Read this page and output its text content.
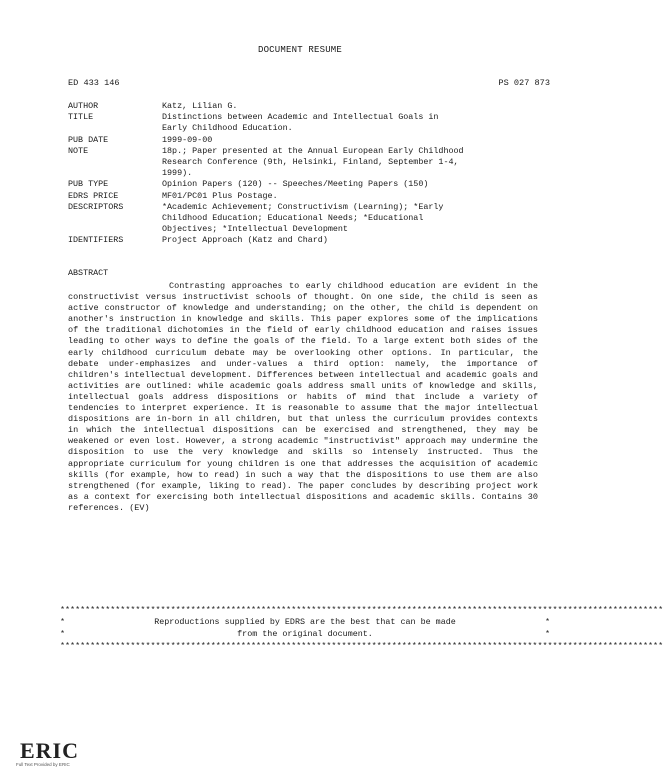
DOCUMENT RESUME
ED 433 146	PS 027 873
AUTHOR	Katz, Lilian G.
TITLE	Distinctions between Academic and Intellectual Goals in
Early Childhood Education.
PUB DATE	1999-09-00
NOTE	18p.; Paper presented at the Annual European Early Childhood
Research Conference (9th, Helsinki, Finland, September 1-4,
1999).
PUB TYPE	Opinion Papers (120) -- Speeches/Meeting Papers (150)
EDRS PRICE	MF01/PC01 Plus Postage.
DESCRIPTORS	*Academic Achievement; Constructivism (Learning); *Early
Childhood Education; Educational Needs; *Educational
Objectives; *Intellectual Development
IDENTIFIERS	Project Approach (Katz and Chard)
ABSTRACT
Contrasting approaches to early childhood education are evident in the constructivist versus instructivist schools of thought. On one side, the child is seen as active constructor of knowledge and understanding; on the other, the child is dependent on another's instruction in knowledge and skills. This paper explores some of the implications of the traditional dichotomies in the field of early childhood education and raises issues leading to other ways to define the goals of the field. To a large extent both sides of the early childhood curriculum debate may be overlooking other options. In particular, the debate under-emphasizes and under-values a third option: namely, the importance of children's intellectual development. Differences between intellectual and academic goals and activities are outlined: while academic goals address small units of knowledge and skills, intellectual goals address dispositions or habits of mind that include a variety of tendencies to interpret experience. It is reasonable to assume that the major intellectual dispositions are in-born in all children, but that unless the curriculum provides contexts in which the intellectual dispositions can be exercised and strengthened, they may be weakened or even lost. However, a strong academic "instructivist" approach may undermine the disposition to use the very knowledge and skills so intensely instructed. Thus the appropriate curriculum for young children is one that addresses the acquisition of academic skills (for example, how to read) in such a way that the dispositions to use them are also strengthened (for example, liking to read). The paper concludes by describing project work as a context for exercising both intellectual dispositions and academic skills. Contains 30 references. (EV)
************************************************************************************************************************
*	Reproductions supplied by EDRS are the best that can be made	*
*	from the original document.	*
************************************************************************************************************************
ERIC
Full Text Provided by ERIC
